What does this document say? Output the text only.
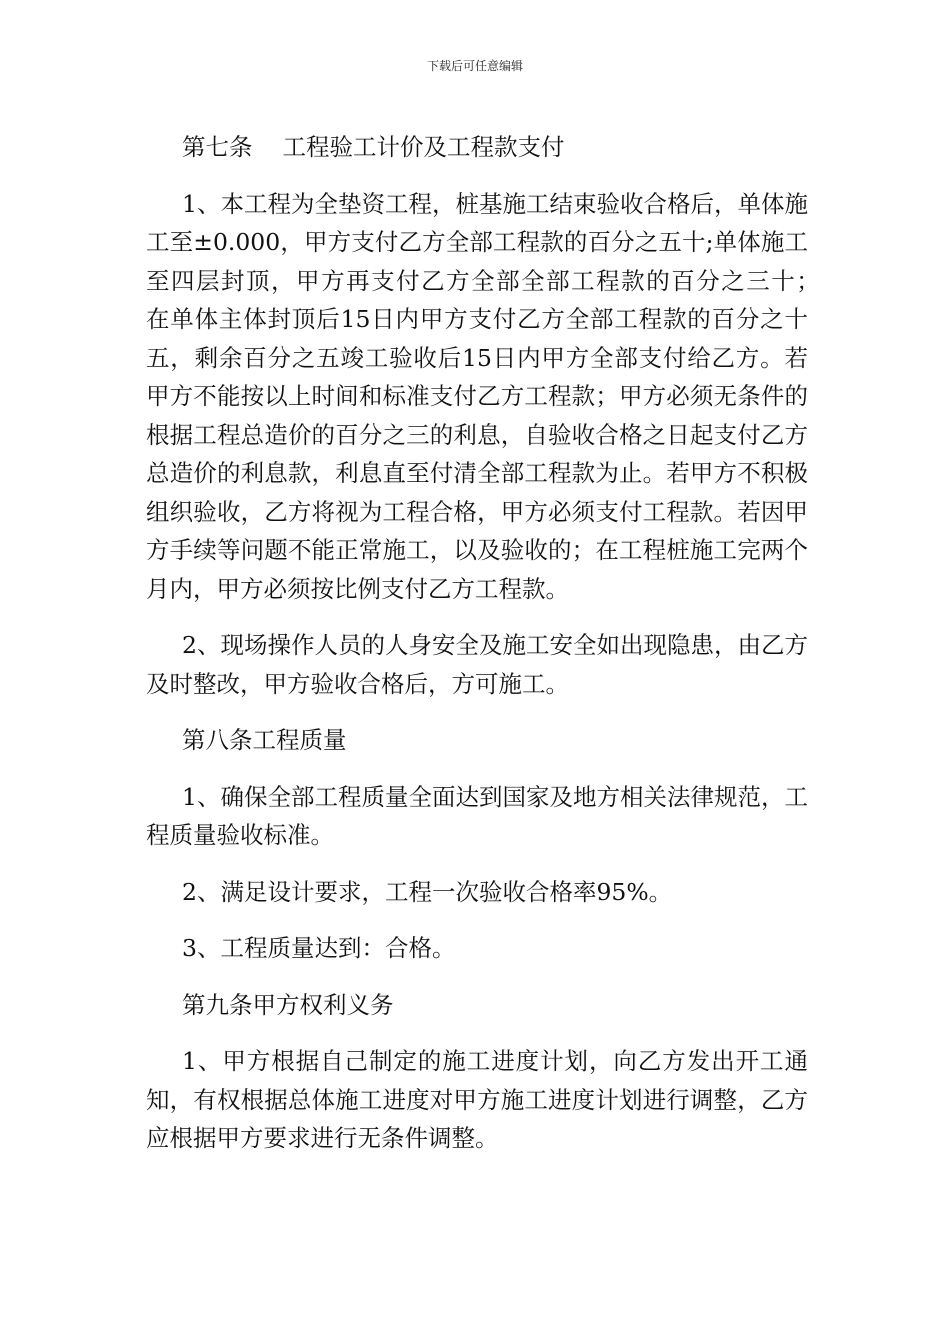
下载后可任意编辑

第七条 工程验工计价及工程款支付

1、本工程为全垫资工程，桩基施工结束验收合格后，单体施工至±0.000，甲方支付乙方全部工程款的百分之五十;单体施工至四层封顶，甲方再支付乙方全部全部工程款的百分之三十；　在单体主体封顶后15日内甲方支付乙方全部工程款的百分之十五，剩余百分之五竣工验收后15日内甲方全部支付给乙方。若甲方不能按以上时间和标准支付乙方工程款；甲方必须无条件的根据工程总造价的百分之三的利息，自验收合格之日起支付乙方总造价的利息款，利息直至付清全部工程款为止。若甲方不积极组织验收，乙方将视为工程合格，甲方必须支付工程款。若因甲方手续等问题不能正常施工，以及验收的；在工程桩施工完两个月内，甲方必须按比例支付乙方工程款。

2、现场操作人员的人身安全及施工安全如出现隐患，由乙方及时整改，甲方验收合格后，方可施工。

第八条工程质量

1、确保全部工程质量全面达到国家及地方相关法律规范，工程质量验收标准。

2、满足设计要求，工程一次验收合格率95%。

3、工程质量达到：合格。

第九条甲方权利义务

1、甲方根据自己制定的施工进度计划，向乙方发出开工通知，有权根据总体施工进度对甲方施工进度计划进行调整，乙方应根据甲方要求进行无条件调整。
